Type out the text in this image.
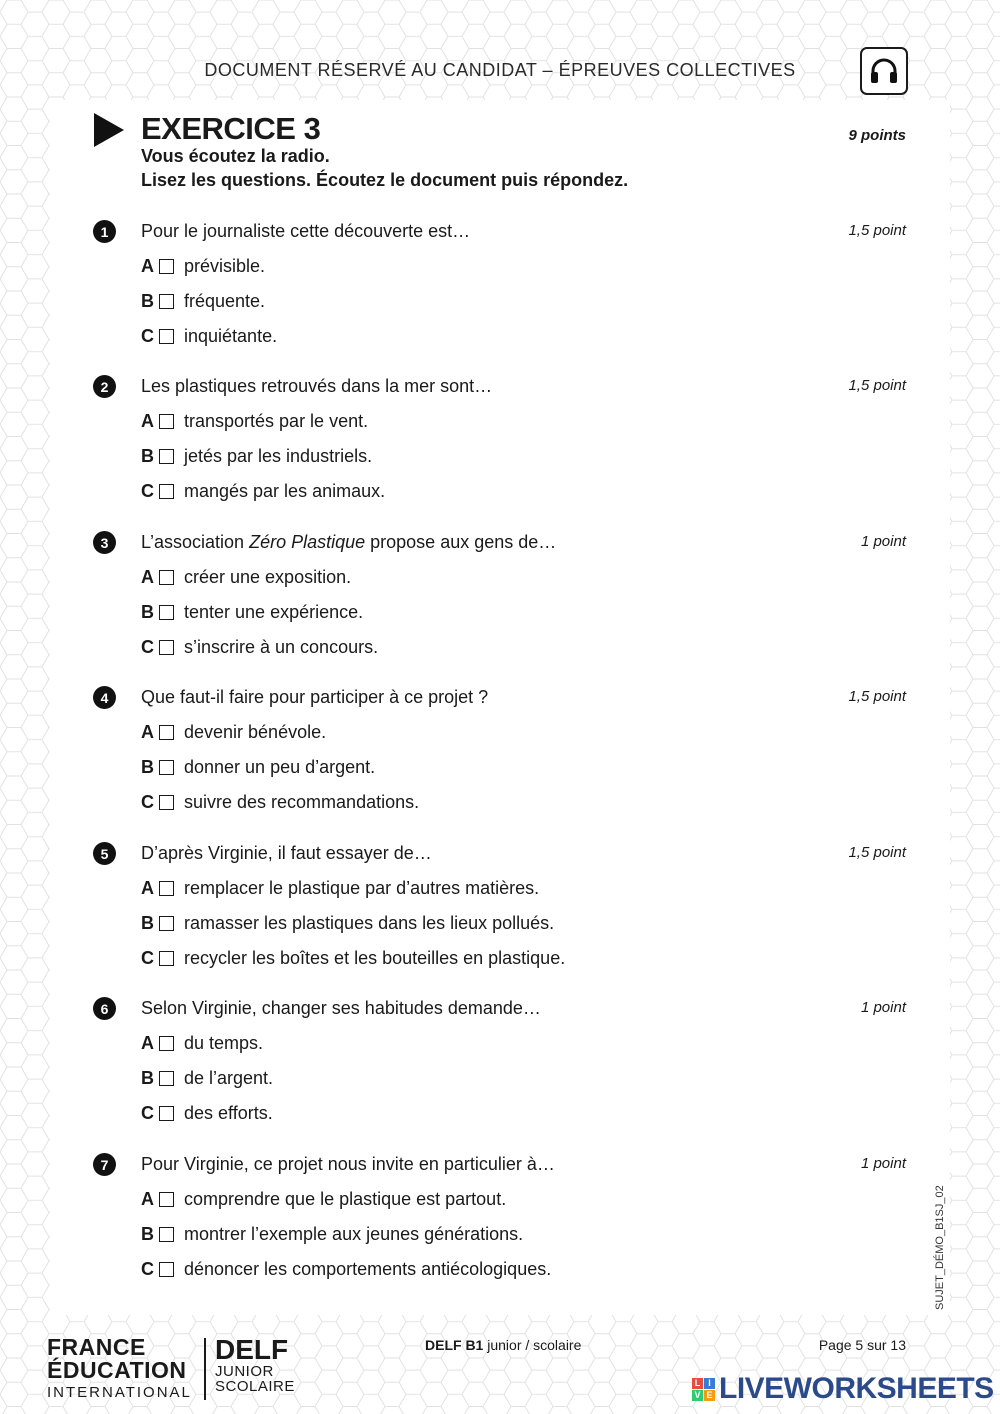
DOCUMENT RÉSERVÉ AU CANDIDAT – ÉPREUVES COLLECTIVES
EXERCICE 3	9 points
Vous écoutez la radio.
Lisez les questions. Écoutez le document puis répondez.
1	Pour le journaliste cette découverte est…	1,5 point
A prévisible.
B fréquente.
C inquiétante.
2	Les plastiques retrouvés dans la mer sont…	1,5 point
A transportés par le vent.
B jetés par les industriels.
C mangés par les animaux.
3	L’association Zéro Plastique propose aux gens de…	1 point
A créer une exposition.
B tenter une expérience.
C s’inscrire à un concours.
4	Que faut-il faire pour participer à ce projet ?	1,5 point
A devenir bénévole.
B donner un peu d’argent.
C suivre des recommandations.
5	D’après Virginie, il faut essayer de…	1,5 point
A remplacer le plastique par d’autres matières.
B ramasser les plastiques dans les lieux pollués.
C recycler les boîtes et les bouteilles en plastique.
6	Selon Virginie, changer ses habitudes demande…	1 point
A du temps.
B de l’argent.
C des efforts.
7	Pour Virginie, ce projet nous invite en particulier à…	1 point
A comprendre que le plastique est partout.
B montrer l’exemple aux jeunes générations.
C dénoncer les comportements antiécologiques.	SUJET_DÉMO_B1SJ_02
FRANCE
ÉDUCATION
INTERNATIONAL
DELF
JUNIOR
SCOLAIRE
DELF B1 junior / scolaire	Page 5 sur 13
L I
V E LIVEWORKSHEETS
